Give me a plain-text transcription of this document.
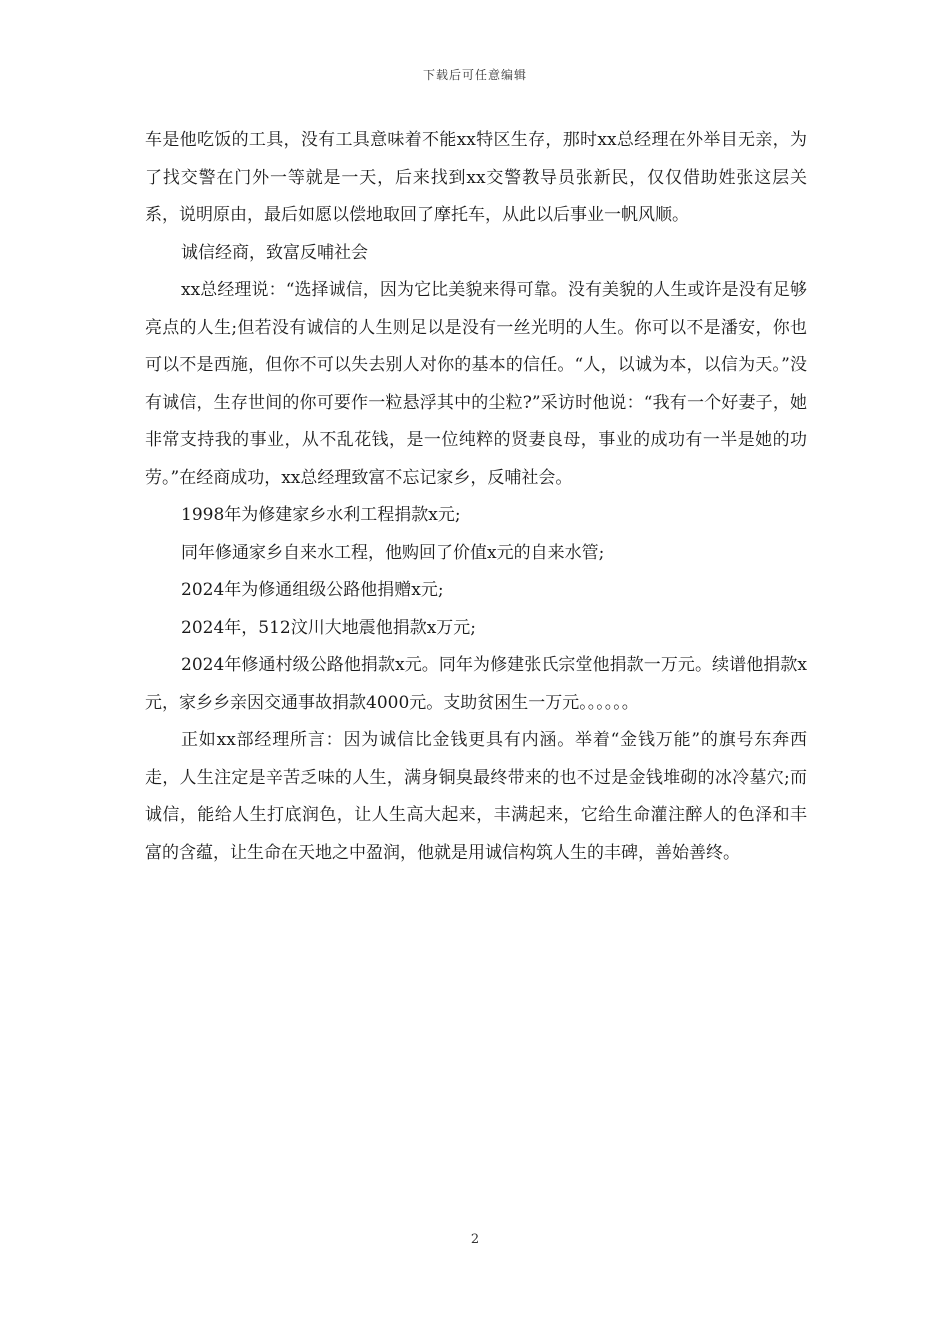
下载后可任意编辑

车是他吃饭的工具，没有工具意味着不能xx特区生存，那时xx总经理在外举目无亲，为了找交警在门外一等就是一天，后来找到xx交警教导员张新民，仅仅借助姓张这层关系，说明原由，最后如愿以偿地取回了摩托车，从此以后事业一帆风顺。

诚信经商，致富反哺社会

xx总经理说：“选择诚信，因为它比美貌来得可靠。没有美貌的人生或许是没有足够亮点的人生;但若没有诚信的人生则足以是没有一丝光明的人生。你可以不是潘安，你也可以不是西施，但你不可以失去别人对你的基本的信任。“人，以诚为本，以信为天。”没有诚信，生存世间的你可要作一粒悬浮其中的尘粒?”采访时他说：“我有一个好妻子，她非常支持我的事业，从不乱花钱，是一位纯粹的贤妻良母，事业的成功有一半是她的功劳。”在经商成功，xx总经理致富不忘记家乡，反哺社会。

1998年为修建家乡水利工程捐款x元;

同年修通家乡自来水工程，他购回了价值x元的自来水管;

2024年为修通组级公路他捐赠x元;

2024年，512汶川大地震他捐款x万元;

2024年修通村级公路他捐款x元。同年为修建张氏宗堂他捐款一万元。续谱他捐款x元，家乡乡亲因交通事故捐款4000元。支助贫困生一万元。。。。。。

正如xx部经理所言：因为诚信比金钱更具有内涵。举着“金钱万能”的旗号东奔西走，人生注定是辛苦乏味的人生，满身铜臭最终带来的也不过是金钱堆砌的冰冷墓穴;而诚信，能给人生打底润色，让人生高大起来，丰满起来，它给生命灌注醉人的色泽和丰富的含蕴，让生命在天地之中盈润，他就是用诚信构筑人生的丰碑，善始善终。

2
